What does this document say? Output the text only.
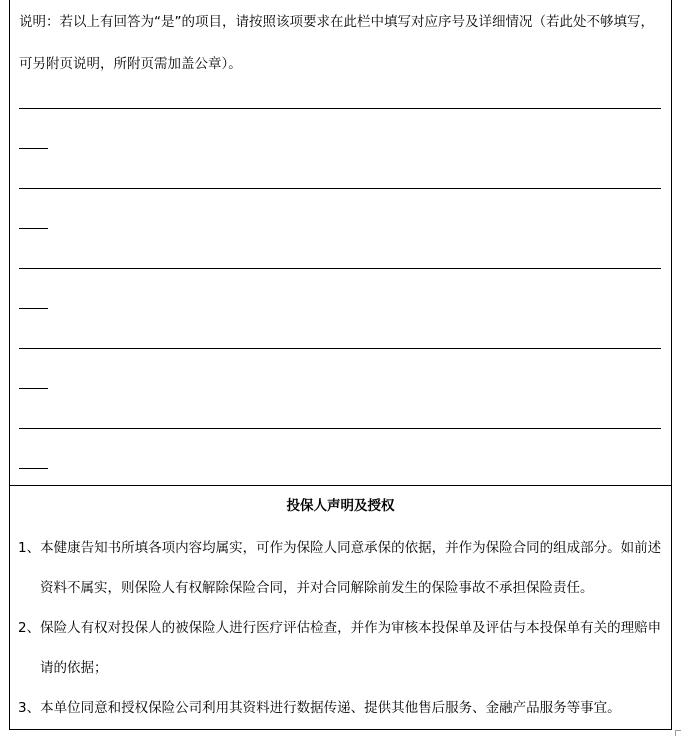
说明：若以上有回答为“是”的项目，请按照该项要求在此栏中填写对应序号及详细情况（若此处不够填写，
可另附页说明，所附页需加盖公章）。
投保人声明及授权
1、本健康告知书所填各项内容均属实，可作为保险人同意承保的依据，并作为保险合同的组成部分。如前述
资料不属实，则保险人有权解除保险合同，并对合同解除前发生的保险事故不承担保险责任。
2、保险人有权对投保人的被保险人进行医疗评估检查，并作为审核本投保单及评估与本投保单有关的理赔申
请的依据；
3、本单位同意和授权保险公司利用其资料进行数据传递、提供其他售后服务、金融产品服务等事宜。
